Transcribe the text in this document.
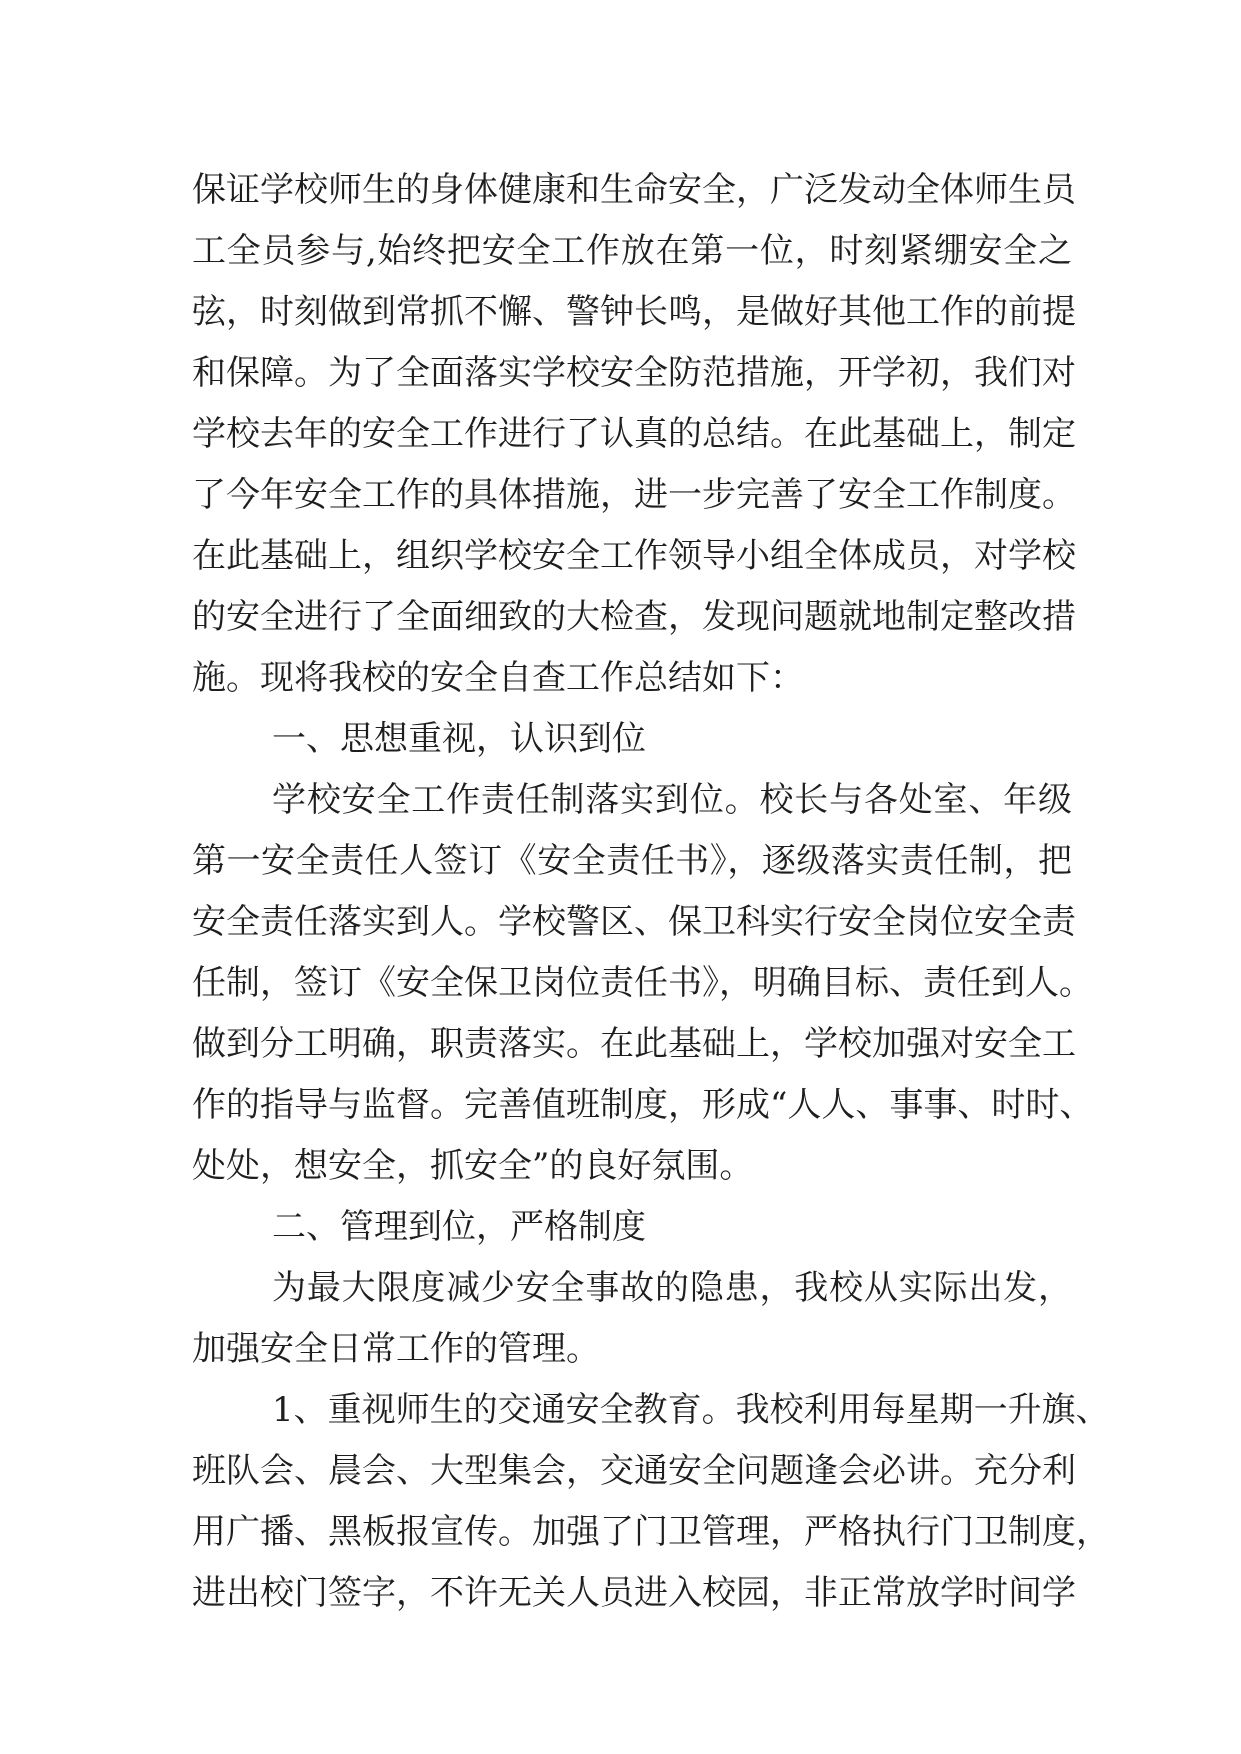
保证学校师生的身体健康和生命安全，广泛发动全体师生员
工全员参与,始终把安全工作放在第一位，时刻紧绷安全之
弦，时刻做到常抓不懈、警钟长鸣，是做好其他工作的前提
和保障。为了全面落实学校安全防范措施，开学初，我们对
学校去年的安全工作进行了认真的总结。在此基础上，制定
了今年安全工作的具体措施，进一步完善了安全工作制度。
在此基础上，组织学校安全工作领导小组全体成员，对学校
的安全进行了全面细致的大检查，发现问题就地制定整改措
施。现将我校的安全自查工作总结如下：
一、思想重视，认识到位
学校安全工作责任制落实到位。校长与各处室、年级
第一安全责任人签订《安全责任书》，逐级落实责任制，把
安全责任落实到人。学校警区、保卫科实行安全岗位安全责
任制，签订《安全保卫岗位责任书》，明确目标、责任到人。
做到分工明确，职责落实。在此基础上，学校加强对安全工
作的指导与监督。完善值班制度，形成“人人、事事、时时、
处处，想安全，抓安全”的良好氛围。
二、管理到位，严格制度
为最大限度减少安全事故的隐患，我校从实际出发，
加强安全日常工作的管理。
1、重视师生的交通安全教育。我校利用每星期一升旗、
班队会、晨会、大型集会，交通安全问题逢会必讲。充分利
用广播、黑板报宣传。加强了门卫管理，严格执行门卫制度，
进出校门签字，不许无关人员进入校园，非正常放学时间学
